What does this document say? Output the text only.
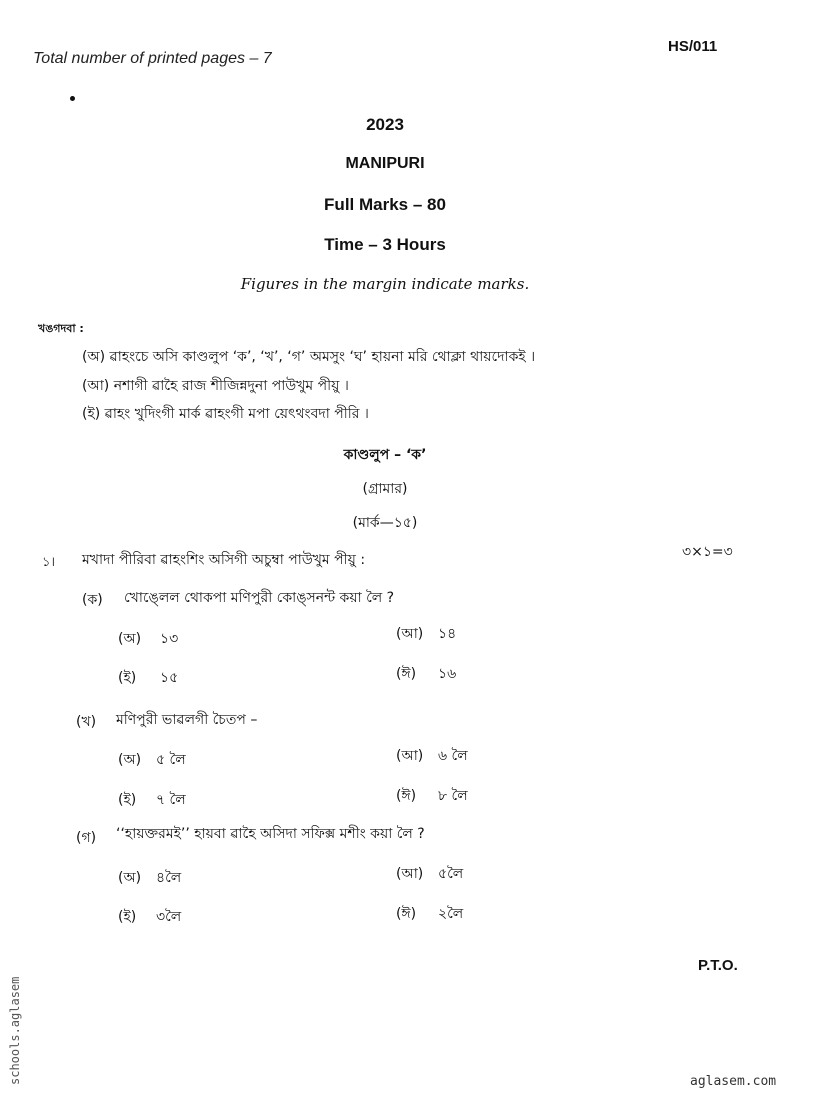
Total number of printed pages – 7
HS/011
2023
MANIPURI
Full Marks – 80
Time – 3 Hours
Figures in the margin indicate marks.
খঙগদবা :
(অ) ৱাহংচে অসি কাণ্ডলুপ ‘ক’, ‘খ’, ‘গ’ অমসুং ‘ঘ’ হায়না মরি থোক্লা থায়দোকই ।
(আ) নশাগী ৱাহৈ রাজ শীজিন্নদুনা পাউখুম পীয়ু ।
(ই) ৱাহং খুদিংগী মার্ক ৱাহংগী মপা য়েৎথংবদা পীরি ।
কাণ্ডলুপ – ‘ক’
(গ্রামার)
(মার্ক—১৫)
১। মখাদা পীরিবা ৱাহংশিং অসিগী অচুম্বা পাউখুম পীয়ু :	৩×১=৩
(ক) খোঙ্লেল থোকপা মণিপুরী কোঙ্সনন্ট কয়া লৈ ?
(অ) ১৩	(আ) ১৪
(ই) ১৫	(ঈ) ১৬
(খ) মণিপুরী ভাৱলগী চৈতপ –
(অ) ৫ লৈ	(আ) ৬ লৈ
(ই) ৭ লৈ	(ঈ) ৮ লৈ
(গ) ‘‘হায়ক্তরমই’’ হায়বা ৱাহৈ অসিদা সফিক্স মশীং কয়া লৈ ?
(অ) ৪লৈ	(আ) ৫লৈ
(ই) ৩লৈ	(ঈ) ২লৈ
P.T.O.
schools.aglasem	aglasem.com
